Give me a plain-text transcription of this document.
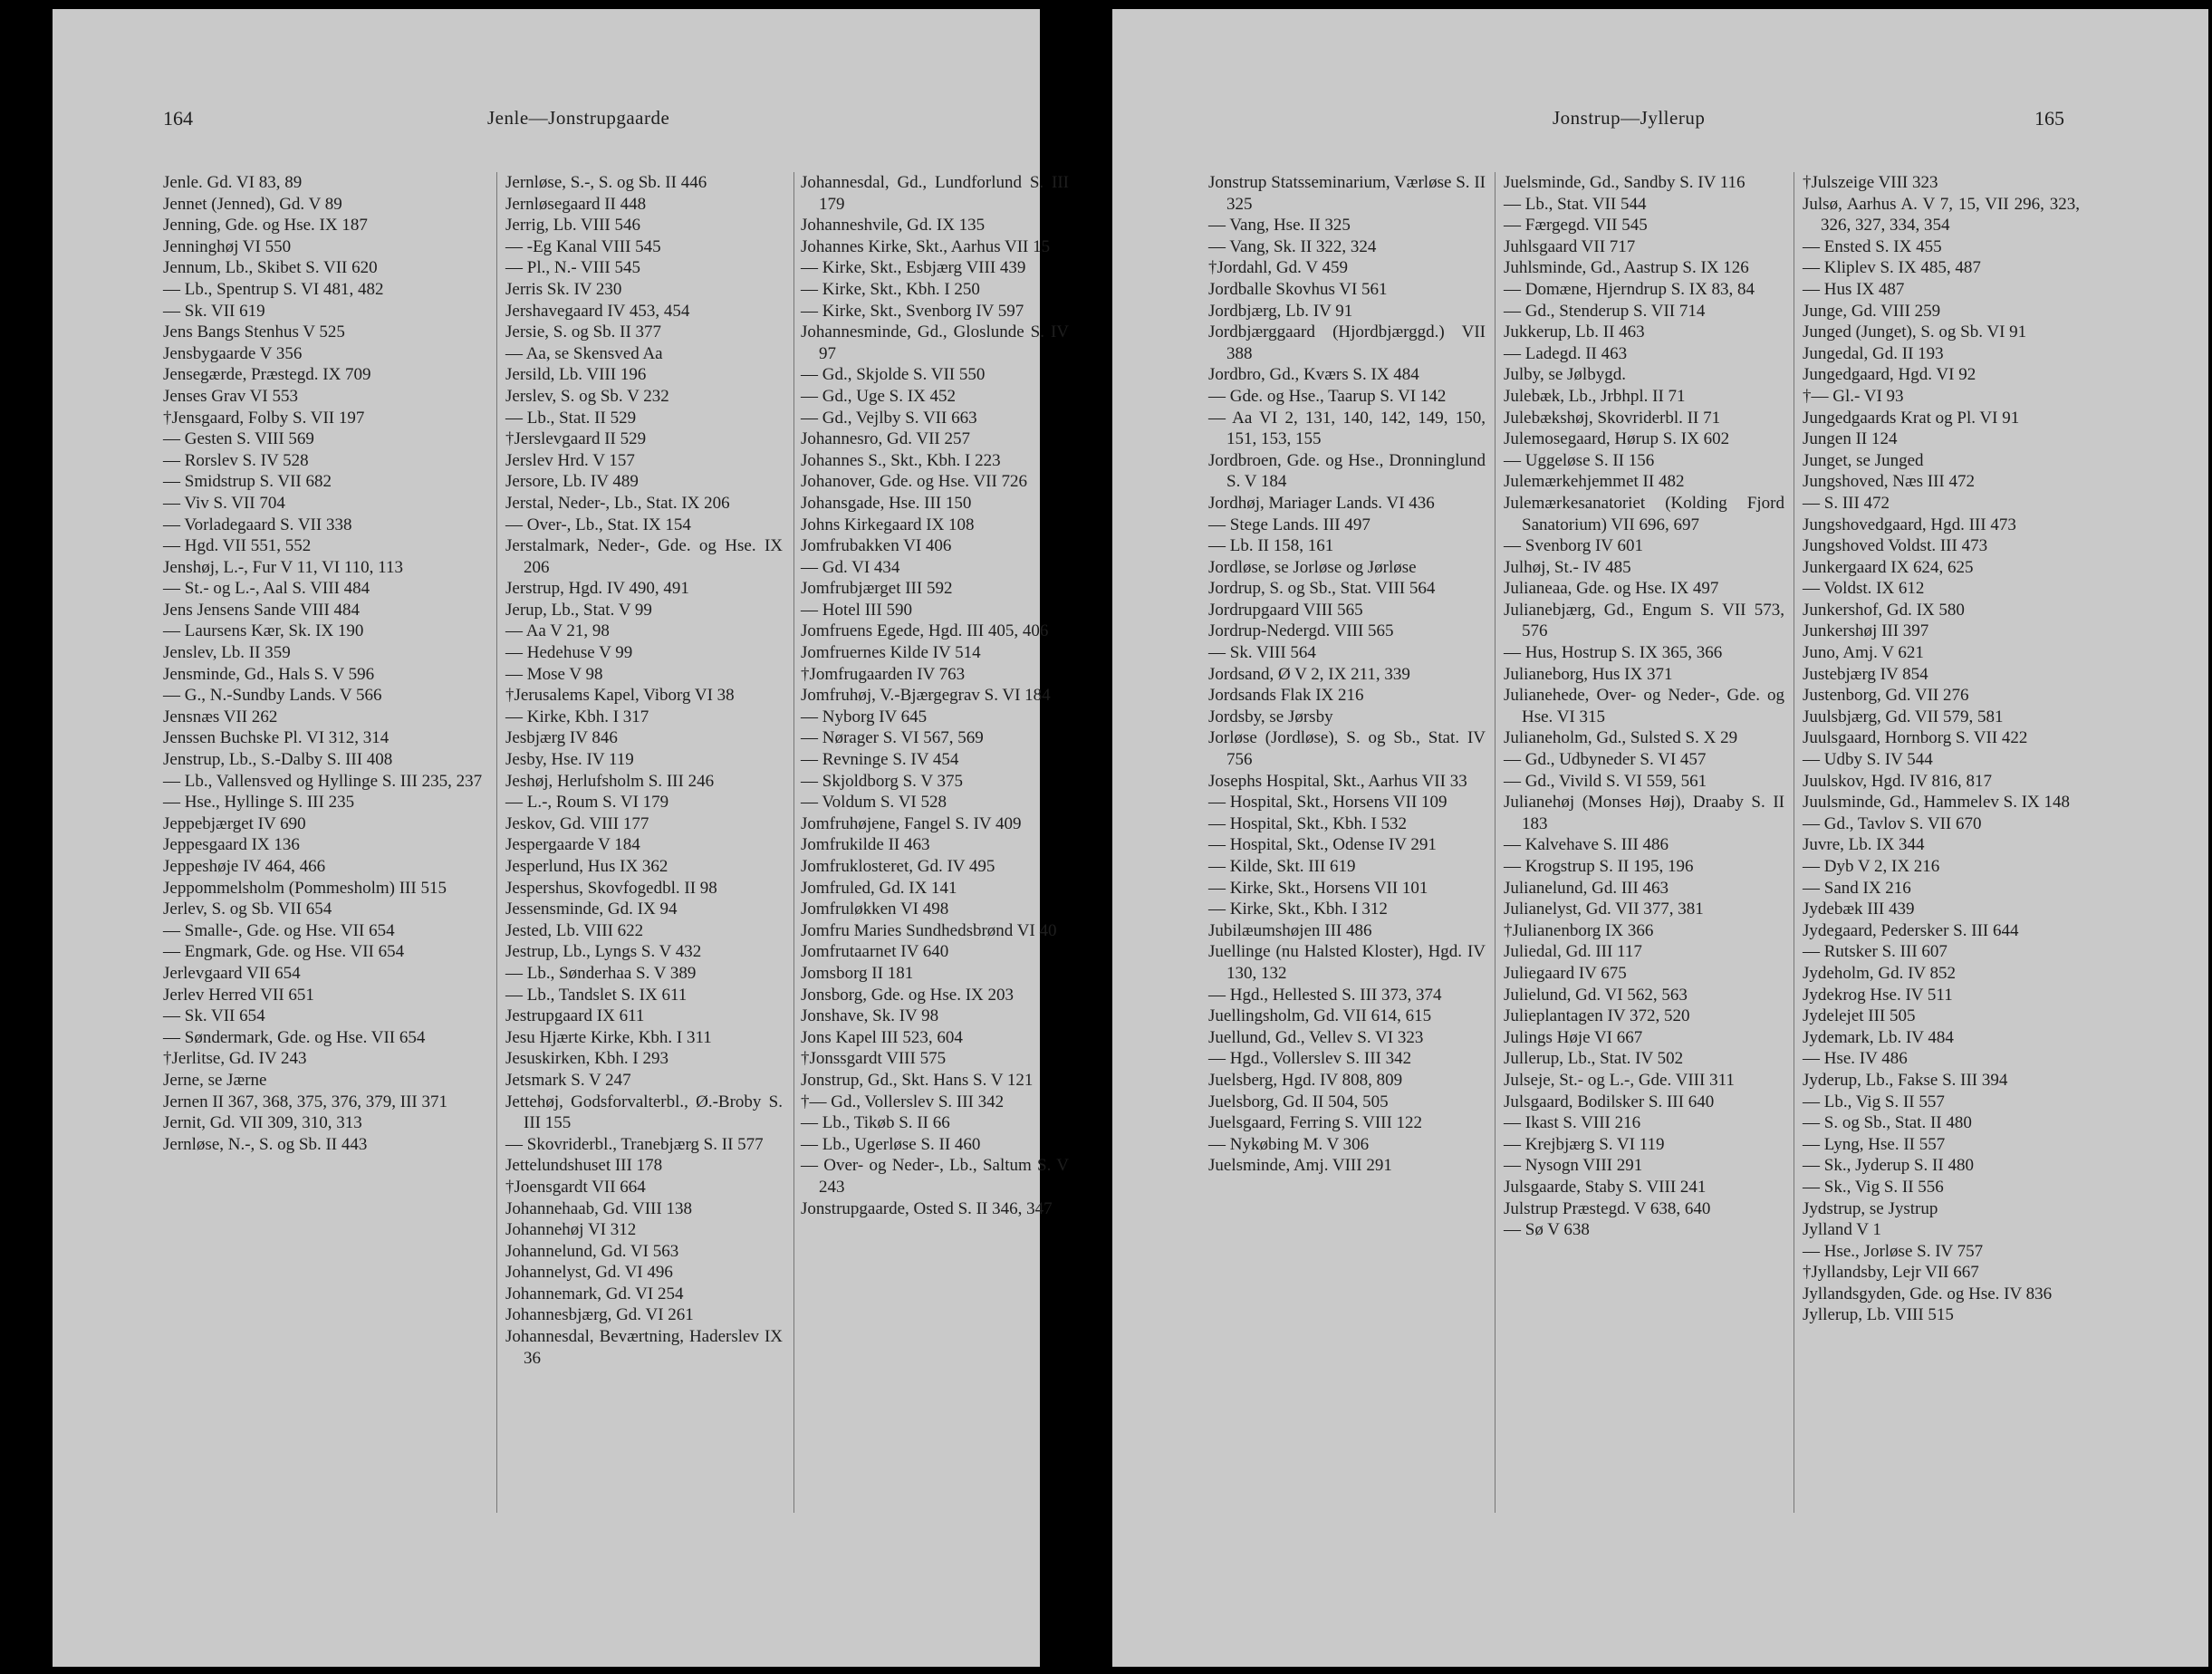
164	Jenle—Jonstrupgaarde
Jenle. Gd. VI 83, 89
Jennet (Jenned), Gd. V 89
Jenning, Gde. og Hse. IX 187
Jenninghøj VI 550
Jennum, Lb., Skibet S. VII 620
— Lb., Spentrup S. VI 481, 482
— Sk. VII 619
Jens Bangs Stenhus V 525
Jensbygaarde V 356
Jensegærde, Præstegd. IX 709
Jenses Grav VI 553
†Jensgaard, Folby S. VII 197
— Gesten S. VIII 569
— Rorslev S. IV 528
— Smidstrup S. VII 682
— Viv S. VII 704
— Vorladegaard S. VII 338
— Hgd. VII 551, 552
Jenshøj, L.-, Fur V 11, VI 110, 113
— St.- og L.-, Aal S. VIII 484
Jens Jensens Sande VIII 484
— Laursens Kær, Sk. IX 190
Jenslev, Lb. II 359
Jensminde, Gd., Hals S. V 596
— G., N.-Sundby Lands. V 566
Jensnæs VII 262
Jenssen Buchske Pl. VI 312, 314
Jenstrup, Lb., S.-Dalby S. III 408
— Lb., Vallensved og Hyllinge S. III 235, 237
— Hse., Hyllinge S. III 235
Jeppebjærget IV 690
Jeppesgaard IX 136
Jeppeshøje IV 464, 466
Jeppommelsholm (Pommesholm) III 515
Jerlev, S. og Sb. VII 654
— Smalle-, Gde. og Hse. VII 654
— Engmark, Gde. og Hse. VII 654
Jerlevgaard VII 654
Jerlev Herred VII 651
— Sk. VII 654
— Søndermark, Gde. og Hse. VII 654
†Jerlitse, Gd. IV 243
Jerne, se Jærne
Jernen II 367, 368, 375, 376, 379, III 371
Jernit, Gd. VII 309, 310, 313
Jernløse, N.-, S. og Sb. II 443
Jernløse, S.-, S. og Sb. II 446
Jernløsegaard II 448
Jerrig, Lb. VIII 546
— -Eg Kanal VIII 545
— Pl., N.- VIII 545
Jerris Sk. IV 230
Jershavegaard IV 453, 454
Jersie, S. og Sb. II 377
— Aa, se Skensved Aa
Jersild, Lb. VIII 196
Jerslev, S. og Sb. V 232
— Lb., Stat. II 529
†Jerslevgaard II 529
Jerslev Hrd. V 157
Jersore, Lb. IV 489
Jerstal, Neder-, Lb., Stat. IX 206
— Over-, Lb., Stat. IX 154
Jerstalmark, Neder-, Gde. og Hse. IX 206
Jerstrup, Hgd. IV 490, 491
Jerup, Lb., Stat. V 99
— Aa V 21, 98
— Hedehuse V 99
— Mose V 98
†Jerusalems Kapel, Viborg VI 38
— Kirke, Kbh. I 317
Jesbjærg IV 846
Jesby, Hse. IV 119
Jeshøj, Herlufsholm S. III 246
— L.-, Roum S. VI 179
Jeskov, Gd. VIII 177
Jespergaarde V 184
Jesperlund, Hus IX 362
Jespershus, Skovfogedbl. II 98
Jessensminde, Gd. IX 94
Jested, Lb. VIII 622
Jestrup, Lb., Lyngs S. V 432
— Lb., Sønderhaa S. V 389
— Lb., Tandslet S. IX 611
Jestrupgaard IX 611
Jesu Hjærte Kirke, Kbh. I 311
Jesuskirken, Kbh. I 293
Jetsmark S. V 247
Jettehøj, Godsforvalterbl., Ø.-Broby S. III 155
— Skovriderbl., Tranebjærg S. II 577
Jettelundshuset III 178
†Joensgardt VII 664
Johannehaab, Gd. VIII 138
Johannehøj VI 312
Johannelund, Gd. VI 563
Johannelyst, Gd. VI 496
Johannemark, Gd. VI 254
Johannesbjærg, Gd. VI 261
Johannesdal, Beværtning, Haderslev IX 36
Johannesdal, Gd., Lundforlund S. III 179
Johanneshvile, Gd. IX 135
Johannes Kirke, Skt., Aarhus VII 15
— Kirke, Skt., Esbjærg VIII 439
— Kirke, Skt., Kbh. I 250
— Kirke, Skt., Svenborg IV 597
Johannesminde, Gd., Gloslunde S. IV 97
— Gd., Skjolde S. VII 550
— Gd., Uge S. IX 452
— Gd., Vejlby S. VII 663
Johannesro, Gd. VII 257
Johannes S., Skt., Kbh. I 223
Johanover, Gde. og Hse. VII 726
Johansgade, Hse. III 150
Johns Kirkegaard IX 108
Jomfrubakken VI 406
— Gd. VI 434
Jomfrubjærget III 592
— Hotel III 590
Jomfruens Egede, Hgd. III 405, 406
Jomfruernes Kilde IV 514
†Jomfrugaarden IV 763
Jomfruhøj, V.-Bjærgegrav S. VI 184
— Nyborg IV 645
— Nørager S. VI 567, 569
— Revninge S. IV 454
— Skjoldborg S. V 375
— Voldum S. VI 528
Jomfruhøjene, Fangel S. IV 409
Jomfrukilde II 463
Jomfruklosteret, Gd. IV 495
Jomfruled, Gd. IX 141
Jomfruløkken VI 498
Jomfru Maries Sundhedsbrønd VI 40
Jomfrutaarnet IV 640
Jomsborg II 181
Jonsborg, Gde. og Hse. IX 203
Jonshave, Sk. IV 98
Jons Kapel III 523, 604
†Jonssgardt VIII 575
Jonstrup, Gd., Skt. Hans S. V 121
†— Gd., Vollerslev S. III 342
— Lb., Tikøb S. II 66
— Lb., Ugerløse S. II 460
— Over- og Neder-, Lb., Saltum S. V 243
Jonstrupgaarde, Osted S. II 346, 347
Jonstrup—Jyllerup	165
Jonstrup Statsseminarium, Værløse S. II 325
— Vang, Hse. II 325
— Vang, Sk. II 322, 324
†Jordahl, Gd. V 459
Jordballe Skovhus VI 561
Jordbjærg, Lb. IV 91
Jordbjærggaard (Hjordbjærggd.) VII 388
Jordbro, Gd., Kværs S. IX 484
— Gde. og Hse., Taarup S. VI 142
— Aa VI 2, 131, 140, 142, 149, 150, 151, 153, 155
Jordbroen, Gde. og Hse., Dronninglund S. V 184
Jordhøj, Mariager Lands. VI 436
— Stege Lands. III 497
— Lb. II 158, 161
Jordløse, se Jorløse og Jørløse
Jordrup, S. og Sb., Stat. VIII 564
Jordrupgaard VIII 565
Jordrup-Nedergd. VIII 565
— Sk. VIII 564
Jordsand, Ø V 2, IX 211, 339
Jordsands Flak IX 216
Jordsby, se Jørsby
Jorløse (Jordløse), S. og Sb., Stat. IV 756
Josephs Hospital, Skt., Aarhus VII 33
— Hospital, Skt., Horsens VII 109
— Hospital, Skt., Kbh. I 532
— Hospital, Skt., Odense IV 291
— Kilde, Skt. III 619
— Kirke, Skt., Horsens VII 101
— Kirke, Skt., Kbh. I 312
Jubilæumshøjen III 486
Juellinge (nu Halsted Kloster), Hgd. IV 130, 132
— Hgd., Hellested S. III 373, 374
Juellingsholm, Gd. VII 614, 615
Juellund, Gd., Vellev S. VI 323
— Hgd., Vollerslev S. III 342
Juelsberg, Hgd. IV 808, 809
Juelsborg, Gd. II 504, 505
Juelsgaard, Ferring S. VIII 122
— Nykøbing M. V 306
Juelsminde, Amj. VIII 291
Juelsminde, Gd., Sandby S. IV 116
— Lb., Stat. VII 544
— Færgegd. VII 545
Juhlsgaard VII 717
Juhlsminde, Gd., Aastrup S. IX 126
— Domæne, Hjerndrup S. IX 83, 84
— Gd., Stenderup S. VII 714
Jukkerup, Lb. II 463
— Ladegd. II 463
Julby, se Jølbygd.
Julebæk, Lb., Jrbhpl. II 71
Julebækshøj, Skovriderbl. II 71
Julemosegaard, Hørup S. IX 602
— Uggeløse S. II 156
Julemærkehjemmet II 482
Julemærkesanatoriet (Kolding Fjord Sanatorium) VII 696, 697
— Svenborg IV 601
Julhøj, St.- IV 485
Julianeaa, Gde. og Hse. IX 497
Julianebjærg, Gd., Engum S. VII 573, 576
— Hus, Hostrup S. IX 365, 366
Julianeborg, Hus IX 371
Julianehede, Over- og Neder-, Gde. og Hse. VI 315
Julianeholm, Gd., Sulsted S. X 29
— Gd., Udbyneder S. VI 457
— Gd., Vivild S. VI 559, 561
Julianehøj (Monses Høj), Draaby S. II 183
— Kalvehave S. III 486
— Krogstrup S. II 195, 196
Julianelund, Gd. III 463
Julianelyst, Gd. VII 377, 381
†Julianenborg IX 366
Juliedal, Gd. III 117
Juliegaard IV 675
Julielund, Gd. VI 562, 563
Julieplantagen IV 372, 520
Julings Høje VI 667
Jullerup, Lb., Stat. IV 502
Julseje, St.- og L.-, Gde. VIII 311
Julsgaard, Bodilsker S. III 640
— Ikast S. VIII 216
— Krejbjærg S. VI 119
— Nysogn VIII 291
Julsgaarde, Staby S. VIII 241
Julstrup Præstegd. V 638, 640
— Sø V 638
†Julszeige VIII 323
Julsø, Aarhus A. V 7, 15, VII 296, 323, 326, 327, 334, 354
— Ensted S. IX 455
— Kliplev S. IX 485, 487
— Hus IX 487
Junge, Gd. VIII 259
Junged (Junget), S. og Sb. VI 91
Jungedal, Gd. II 193
Jungedgaard, Hgd. VI 92
†— Gl.- VI 93
Jungedgaards Krat og Pl. VI 91
Jungen II 124
Junget, se Junged
Jungshoved, Næs III 472
— S. III 472
Jungshovedgaard, Hgd. III 473
Jungshoved Voldst. III 473
Junkergaard IX 624, 625
— Voldst. IX 612
Junkershof, Gd. IX 580
Junkershøj III 397
Juno, Amj. V 621
Justebjærg IV 854
Justenborg, Gd. VII 276
Juulsbjærg, Gd. VII 579, 581
Juulsgaard, Hornborg S. VII 422
— Udby S. IV 544
Juulskov, Hgd. IV 816, 817
Juulsminde, Gd., Hammelev S. IX 148
— Gd., Tavlov S. VII 670
Juvre, Lb. IX 344
— Dyb V 2, IX 216
— Sand IX 216
Jydebæk III 439
Jydegaard, Pedersker S. III 644
— Rutsker S. III 607
Jydeholm, Gd. IV 852
Jydekrog Hse. IV 511
Jydelejet III 505
Jydemark, Lb. IV 484
— Hse. IV 486
Jyderup, Lb., Fakse S. III 394
— Lb., Vig S. II 557
— S. og Sb., Stat. II 480
— Lyng, Hse. II 557
— Sk., Jyderup S. II 480
— Sk., Vig S. II 556
Jydstrup, se Jystrup
Jylland V 1
— Hse., Jorløse S. IV 757
†Jyllandsby, Lejr VII 667
Jyllandsgyden, Gde. og Hse. IV 836
Jyllerup, Lb. VIII 515
